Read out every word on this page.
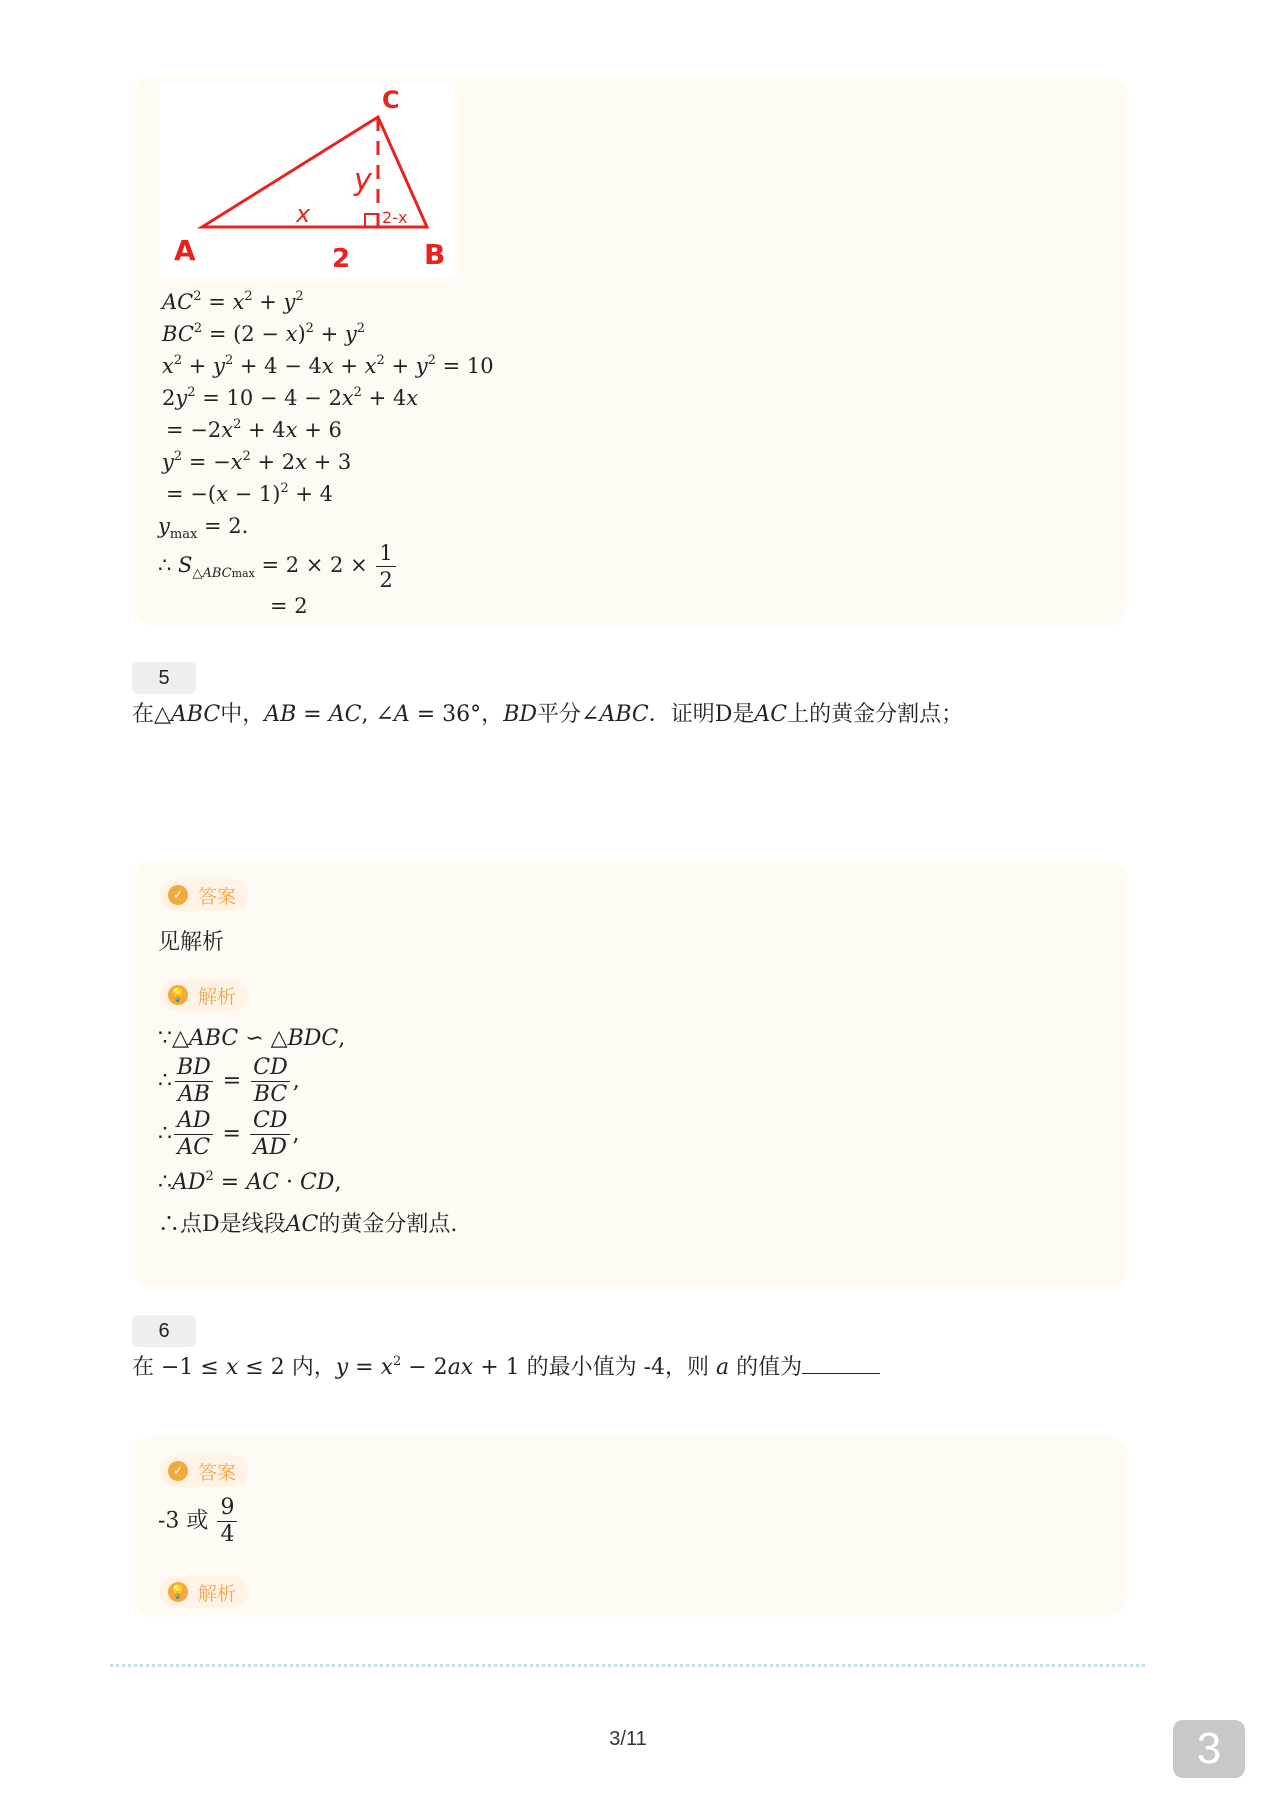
C
A	B
y
x	2-x
2
$AC^2 = x^2 + y^2$
$BC^2 = (2 - x)^2 + y^2$
$x^2 + y^2 + 4 - 4x + x^2 + y^2 = 10$
$2y^2 = 10 - 4 - 2x^2 + 4x$
= $-2x^2 + 4x + 6$
$y^2 = -x^2 + 2x + 3$
= $-(x - 1)^2 + 4$
$y_{max} = 2$.
∴ $S_{\triangle ABCmax} = 2 \times 2 \times \frac{1}{2}$
= 2
5
在△ABC中，AB = AC, ∠A = 36°，BD平分∠ABC．证明D是AC上的黄金分割点；
✓ 答案
见解析
💡 解析
∵△ABC ∽ △BDC,
∴ $\frac{BD}{AB} = \frac{CD}{BC}$ ,
∴ $\frac{AD}{AC} = \frac{CD}{AD}$ ,
$\therefore AD^2$ = AC · CD,
∴点D是线段AC的黄金分割点.
6
在 −1 ≤ x ≤ 2 内，$y = x^2 - 2ax + 1$ 的最小值为 -4，则 a 的值为
✓ 答案
-3 或 $\frac{9}{4}$
💡 解析
3/11	3
